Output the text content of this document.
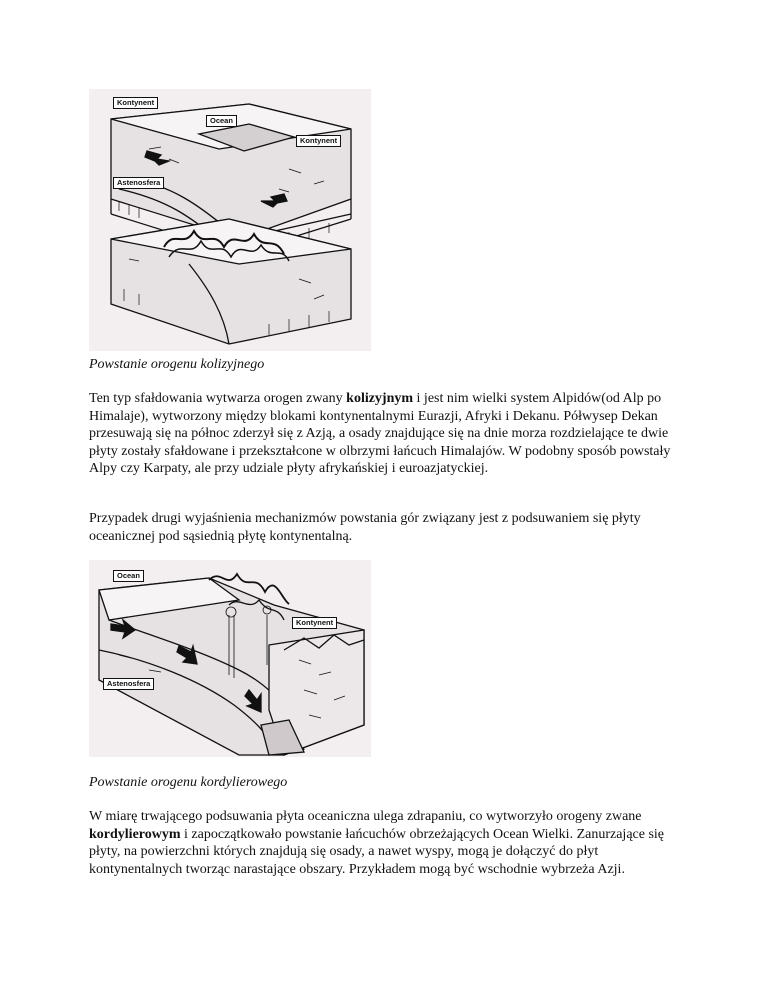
Kontynent
Ocean
Kontynent
Astenosfera
Powstanie orogenu kolizyjnego
Ten typ sfałdowania wytwarza orogen zwany kolizyjnym i jest nim wielki system Alpidów(od Alp po Himalaje), wytworzony między blokami kontynentalnymi Eurazji, Afryki i Dekanu. Półwysep Dekan przesuwają się na północ zderzył się z Azją, a osady znajdujące się na dnie morza rozdzielające te dwie płyty zostały sfałdowane i przekształcone w olbrzymi łańcuch Himalajów. W podobny sposób powstały Alpy czy Karpaty, ale przy udziale płyty afrykańskiej i euroazjatyckiej.
Przypadek drugi wyjaśnienia mechanizmów powstania gór związany jest z podsuwaniem się płyty oceanicznej pod sąsiednią płytę kontynentalną.
Ocean
Kontynent
Astenosfera
Powstanie orogenu kordylierowego
W miarę trwającego podsuwania płyta oceaniczna ulega zdrapaniu, co wytworzyło orogeny zwane kordylierowym i zapoczątkowało powstanie łańcuchów obrzeżających Ocean Wielki. Zanurzające się płyty, na powierzchni których znajdują się osady, a nawet wyspy, mogą je dołączyć do płyt kontynentalnych tworząc narastające obszary. Przykładem mogą być wschodnie wybrzeża Azji.
